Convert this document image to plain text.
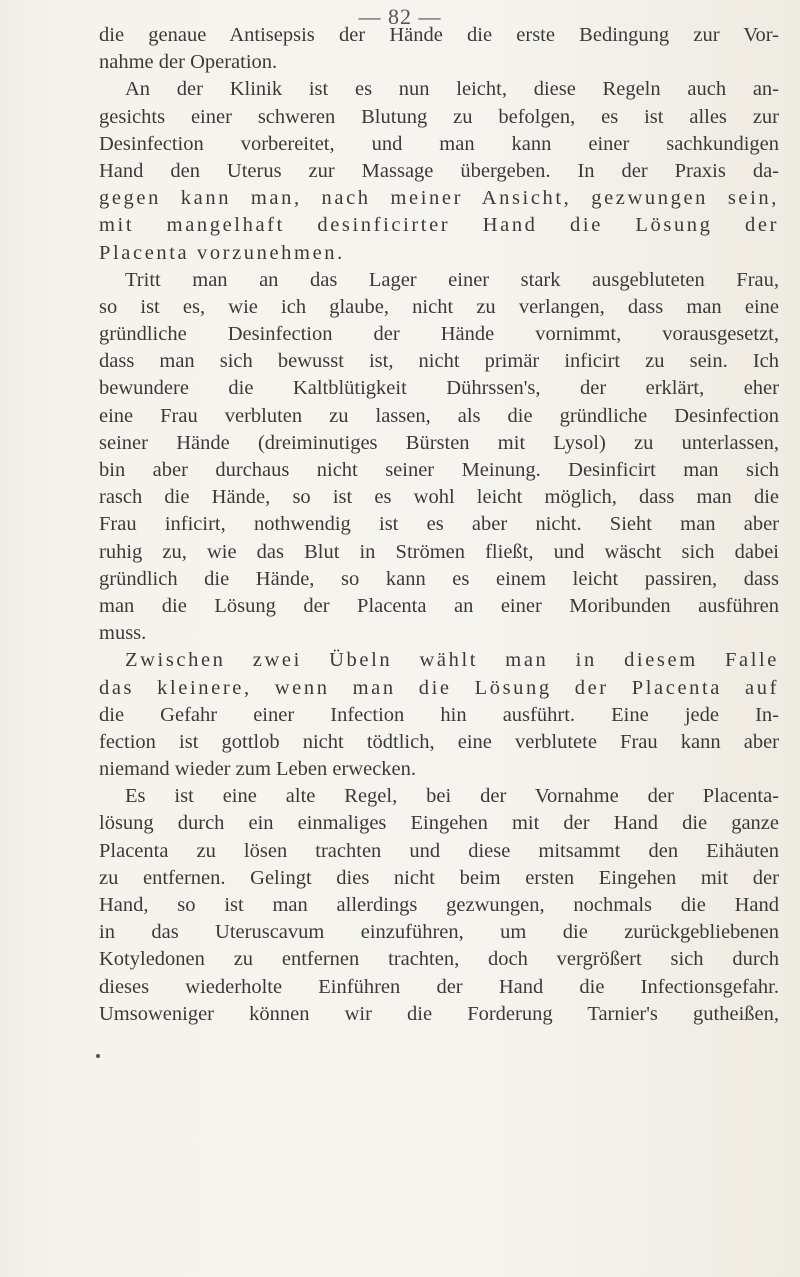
— 82 —
die genaue Antisepsis der Hände die erste Bedingung zur Vor-
nahme der Operation.
An der Klinik ist es nun leicht, diese Regeln auch an-
gesichts einer schweren Blutung zu befolgen, es ist alles zur
Desinfection vorbereitet, und man kann einer sachkundigen
Hand den Uterus zur Massage übergeben. In der Praxis da-
gegen kann man, nach meiner Ansicht, gezwungen sein,
mit mangelhaft desinficirter Hand die Lösung der
Placenta vorzunehmen.
Tritt man an das Lager einer stark ausgebluteten Frau,
so ist es, wie ich glaube, nicht zu verlangen, dass man eine
gründliche Desinfection der Hände vornimmt, vorausgesetzt,
dass man sich bewusst ist, nicht primär inficirt zu sein. Ich
bewundere die Kaltblütigkeit Dührssen's, der erklärt, eher
eine Frau verbluten zu lassen, als die gründliche Desinfection
seiner Hände (dreiminutiges Bürsten mit Lysol) zu unterlassen,
bin aber durchaus nicht seiner Meinung. Desinficirt man sich
rasch die Hände, so ist es wohl leicht möglich, dass man die
Frau inficirt, nothwendig ist es aber nicht. Sieht man aber
ruhig zu, wie das Blut in Strömen fließt, und wäscht sich dabei
gründlich die Hände, so kann es einem leicht passiren, dass
man die Lösung der Placenta an einer Moribunden ausführen
muss.
Zwischen zwei Übeln wählt man in diesem Falle
das kleinere, wenn man die Lösung der Placenta auf
die Gefahr einer Infection hin ausführt. Eine jede In-
fection ist gottlob nicht tödtlich, eine verblutete Frau kann aber
niemand wieder zum Leben erwecken.
Es ist eine alte Regel, bei der Vornahme der Placenta-
lösung durch ein einmaliges Eingehen mit der Hand die ganze
Placenta zu lösen trachten und diese mitsammt den Eihäuten
zu entfernen. Gelingt dies nicht beim ersten Eingehen mit der
Hand, so ist man allerdings gezwungen, nochmals die Hand
in das Uteruscavum einzuführen, um die zurückgebliebenen
Kotyledonen zu entfernen trachten, doch vergrößert sich durch
dieses wiederholte Einführen der Hand die Infectionsgefahr.
Umsoweniger können wir die Forderung Tarnier's gutheißen,
